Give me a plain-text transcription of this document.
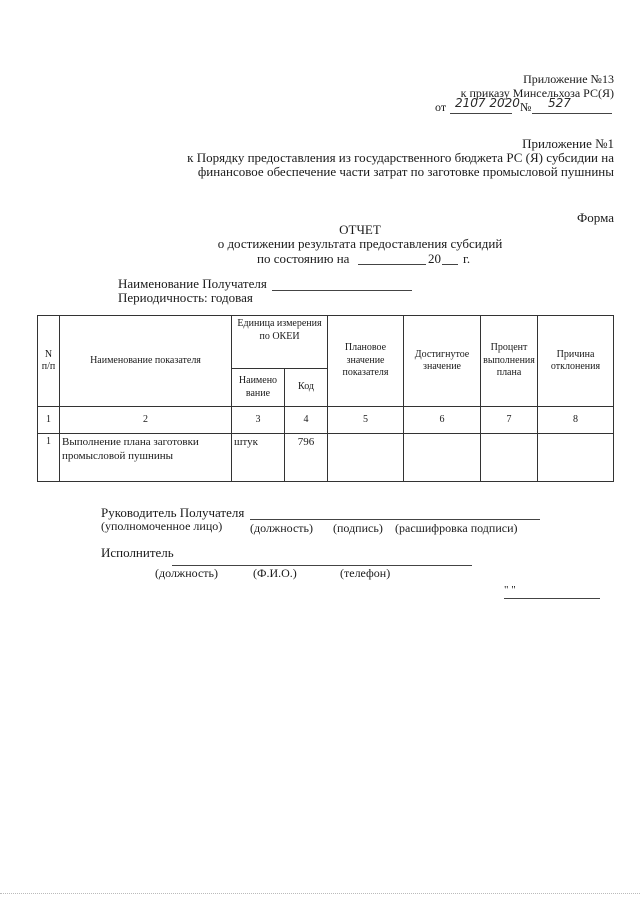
Приложение №13
к приказу Минсельхоза РС(Я)
от 2107 2020 № 527
Приложение №1
к Порядку предоставления из государственного бюджета РС (Я) субсидии на
финансовое обеспечение части затрат по заготовке промысловой пушнины
Форма
ОТЧЕТ
о достижении результата предоставления субсидий
по состоянию на	20 г.
Наименование Получателя
Периодичность: годовая
N п/п	Наименование показателя	Единица измерения по ОКЕИ		Плановое значение показателя	Достигнутое значение	Процент выполнения плана	Причина отклонения
		Наимено вание	Код				
1	2	3	4	5	6	7	8
1	Выполнение плана заготовки промысловой пушнины	штук	796				
Руководитель Получателя
(уполномоченное лицо) (должность) (подпись) (расшифровка подписи)
Исполнитель
(должность)	(Ф.И.О.)	(телефон)
" "
